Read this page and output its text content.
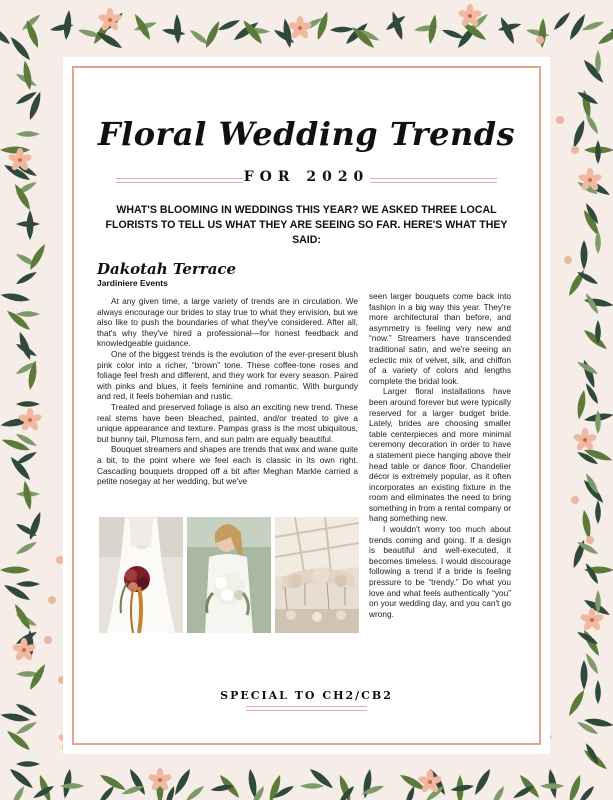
Floral Wedding Trends
FOR 2020

WHAT'S BLOOMING IN WEDDINGS THIS YEAR? WE ASKED THREE LOCAL FLORISTS TO TELL US WHAT THEY ARE SEEING SO FAR. HERE'S WHAT THEY SAID:

Dakotah Terrace
Jardiniere Events

At any given time, a large variety of trends are in circulation. We always encourage our brides to stay true to what they envision, but we also like to push the boundaries of what they've considered. After all, that's why they've hired a professional—for honest feedback and knowledgeable guidance.

One of the biggest trends is the evolution of the ever-present blush pink color into a richer, “brown” tone. These coffee-tone roses and foliage feel fresh and different, and they work for every season. Paired with pinks and blues, it feels feminine and romantic. With burgundy and red, it feels bohemian and rustic.

Treated and preserved foliage is also an exciting new trend. These real stems have been bleached, painted, and/or treated to give a unique appearance and texture. Pampas grass is the most ubiquitous, but bunny tail, Plumosa fern, and sun palm are equally beautiful.

Bouquet streamers and shapes are trends that wax and wane quite a bit, to the point where we feel each is classic in its own right. Cascading bouquets dropped off a bit after Meghan Markle carried a petite nosegay at her wedding, but we've

seen larger bouquets come back into fashion in a big way this year. They're more architectural than before, and asymmetry is feeling very new and “now.” Streamers have transcended traditional satin, and we're seeing an eclectic mix of velvet, silk, and chiffon of a variety of colors and lengths complete the bridal look.

Larger floral installations have been around forever but were typically reserved for a larger budget bride. Lately, brides are choosing smaller table centerpieces and more minimal ceremony decoration in order to have a statement piece hanging above their head table or dance floor. Chandelier décor is extremely popular, as it often incorporates an existing fixture in the room and eliminates the need to bring something in from a rental company or hang something new.

I wouldn't worry too much about trends coming and going. If a design is beautiful and well-executed, it becomes timeless. I would discourage following a trend if a bride is feeling pressure to be “trendy.” Do what you love and what feels authentically “you” on your wedding day, and you can't go wrong.

SPECIAL TO CH2/CB2
